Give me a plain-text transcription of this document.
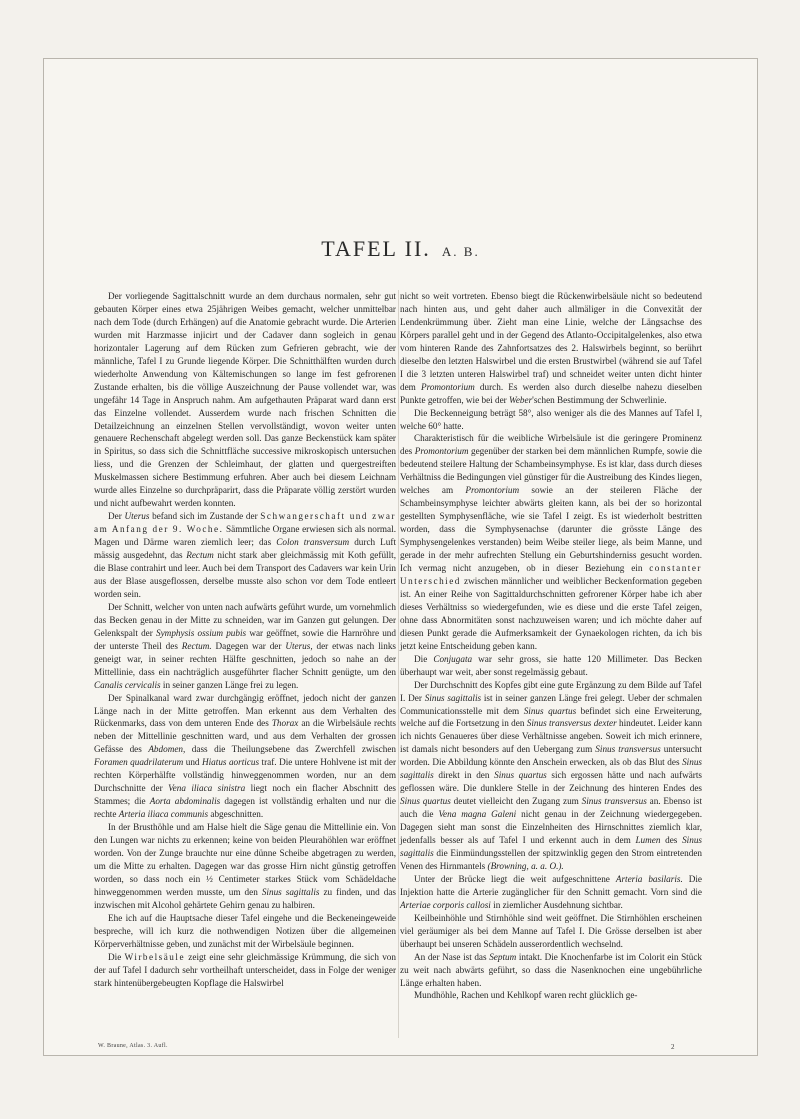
TAFEL II. A. B.

Der vorliegende Sagittalschnitt wurde an dem durchaus normalen, sehr gut gebauten Körper eines etwa 25jährigen Weibes gemacht, welcher unmittelbar nach dem Tode (durch Erhängen) auf die Anatomie gebracht wurde. Die Arterien wurden mit Harzmasse injicirt und der Cadaver dann sogleich in genau horizontaler Lagerung auf dem Rücken zum Gefrieren gebracht, wie der männliche, Tafel I zu Grunde liegende Körper. Die Schnitthälften wurden durch wiederholte Anwendung von Kältemischungen so lange im fest gefrorenen Zustande erhalten, bis die völlige Auszeichnung der Pause vollendet war, was ungefähr 14 Tage in Anspruch nahm. Am aufgethauten Präparat ward dann erst das Einzelne vollendet. Ausserdem wurde nach frischen Schnitten die Detailzeichnung an einzelnen Stellen vervollständigt, wovon weiter unten genauere Rechenschaft abgelegt werden soll. Das ganze Beckenstück kam später in Spiritus, so dass sich die Schnittfläche successive mikroskopisch untersuchen liess, und die Grenzen der Schleimhaut, der glatten und quergestreiften Muskelmassen sichere Bestimmung erfuhren. Aber auch bei diesem Leichnam wurde alles Einzelne so durchpräparirt, dass die Präparate völlig zerstört wurden und nicht aufbewahrt werden konnten.

Der Uterus befand sich im Zustande der Schwangerschaft und zwar am Anfang der 9. Woche. Sämmtliche Organe erwiesen sich als normal. Magen und Därme waren ziemlich leer; das Colon transversum durch Luft mässig ausgedehnt, das Rectum nicht stark aber gleichmässig mit Koth gefüllt, die Blase contrahirt und leer. Auch bei dem Transport des Cadavers war kein Urin aus der Blase ausgeflossen, derselbe musste also schon vor dem Tode entleert worden sein.

Der Schnitt, welcher von unten nach aufwärts geführt wurde, um vornehmlich das Becken genau in der Mitte zu schneiden, war im Ganzen gut gelungen. Der Gelenkspalt der Symphysis ossium pubis war geöffnet, sowie die Harnröhre und der unterste Theil des Rectum. Dagegen war der Uterus, der etwas nach links geneigt war, in seiner rechten Hälfte geschnitten, jedoch so nahe an der Mittellinie, dass ein nachträglich ausgeführter flacher Schnitt genügte, um den Canalis cervicalis in seiner ganzen Länge frei zu legen.

Der Spinalkanal ward zwar durchgängig eröffnet, jedoch nicht der ganzen Länge nach in der Mitte getroffen. Man erkennt aus dem Verhalten des Rückenmarks, dass von dem unteren Ende des Thorax an die Wirbelsäule rechts neben der Mittellinie geschnitten ward, und aus dem Verhalten der grossen Gefässe des Abdomen, dass die Theilungsebene das Zwerchfell zwischen Foramen quadrilaterum und Hiatus aorticus traf. Die untere Hohlvene ist mit der rechten Körperhälfte vollständig hinweggenommen worden, nur an dem Durchschnitte der Vena iliaca sinistra liegt noch ein flacher Abschnitt des Stammes; die Aorta abdominalis dagegen ist vollständig erhalten und nur die rechte Arteria iliaca communis abgeschnitten.

In der Brusthöhle und am Halse hielt die Säge genau die Mittellinie ein. Von den Lungen war nichts zu erkennen; keine von beiden Pleurahöhlen war eröffnet worden. Von der Zunge brauchte nur eine dünne Scheibe abgetragen zu werden, um die Mitte zu erhalten. Dagegen war das grosse Hirn nicht günstig getroffen worden, so dass noch ein ½ Centimeter starkes Stück vom Schädeldache hinweggenommen werden musste, um den Sinus sagittalis zu finden, und das inzwischen mit Alcohol gehärtete Gehirn genau zu halbiren.

Ehe ich auf die Hauptsache dieser Tafel eingehe und die Beckeneingeweide bespreche, will ich kurz die nothwendigen Notizen über die allgemeinen Körperverhältnisse geben, und zunächst mit der Wirbelsäule beginnen.

Die Wirbelsäule zeigt eine sehr gleichmässige Krümmung, die sich von der auf Tafel I dadurch sehr vortheilhaft unterscheidet, dass in Folge der weniger stark hintenübergebeugten Kopflage die Halswirbel

nicht so weit vortreten. Ebenso biegt die Rückenwirbelsäule nicht so bedeutend nach hinten aus, und geht daher auch allmäliger in die Convexität der Lendenkrümmung über. Zieht man eine Linie, welche der Längsachse des Körpers parallel geht und in der Gegend des Atlanto-Occipitalgelenkes, also etwa vom hinteren Rande des Zahnfortsatzes des 2. Halswirbels beginnt, so berührt dieselbe den letzten Halswirbel und die ersten Brustwirbel (während sie auf Tafel I die 3 letzten unteren Halswirbel traf) und schneidet weiter unten dicht hinter dem Promontorium durch. Es werden also durch dieselbe nahezu dieselben Punkte getroffen, wie bei der Weber'schen Bestimmung der Schwerlinie.

Die Beckenneigung beträgt 58°, also weniger als die des Mannes auf Tafel I, welche 60° hatte.

Charakteristisch für die weibliche Wirbelsäule ist die geringere Prominenz des Promontorium gegenüber der starken bei dem männlichen Rumpfe, sowie die bedeutend steilere Haltung der Schambeinsymphyse. Es ist klar, dass durch dieses Verhältniss die Bedingungen viel günstiger für die Austreibung des Kindes liegen, welches am Promontorium sowie an der steileren Fläche der Schambeinsymphyse leichter abwärts gleiten kann, als bei der so horizontal gestellten Symphysenfläche, wie sie Tafel I zeigt. Es ist wiederholt bestritten worden, dass die Symphysenachse (darunter die grösste Länge des Symphysengelenkes verstanden) beim Weibe steiler liege, als beim Manne, und gerade in der mehr aufrechten Stellung ein Geburtshinderniss gesucht worden. Ich vermag nicht anzugeben, ob in dieser Beziehung ein constanter Unterschied zwischen männlicher und weiblicher Beckenformation gegeben ist. An einer Reihe von Sagittaldurchschnitten gefrorener Körper habe ich aber dieses Verhältniss so wiedergefunden, wie es diese und die erste Tafel zeigen, ohne dass Abnormitäten sonst nachzuweisen waren; und ich möchte daher auf diesen Punkt gerade die Aufmerksamkeit der Gynaekologen richten, da ich bis jetzt keine Entscheidung geben kann.

Die Conjugata war sehr gross, sie hatte 120 Millimeter. Das Becken überhaupt war weit, aber sonst regelmässig gebaut.

Der Durchschnitt des Kopfes gibt eine gute Ergänzung zu dem Bilde auf Tafel I. Der Sinus sagittalis ist in seiner ganzen Länge frei gelegt. Ueber der schmalen Communicationsstelle mit dem Sinus quartus befindet sich eine Erweiterung, welche auf die Fortsetzung in den Sinus transversus dexter hindeutet. Leider kann ich nichts Genaueres über diese Verhältnisse angeben. Soweit ich mich erinnere, ist damals nicht besonders auf den Uebergang zum Sinus transversus untersucht worden. Die Abbildung könnte den Anschein erwecken, als ob das Blut des Sinus sagittalis direkt in den Sinus quartus sich ergossen hätte und nach aufwärts geflossen wäre. Die dunklere Stelle in der Zeichnung des hinteren Endes des Sinus quartus deutet vielleicht den Zugang zum Sinus transversus an. Ebenso ist auch die Vena magna Galeni nicht genau in der Zeichnung wiedergegeben. Dagegen sieht man sonst die Einzelnheiten des Hirnschnittes ziemlich klar, jedenfalls besser als auf Tafel I und erkennt auch in dem Lumen des Sinus sagittalis die Einmündungsstellen der spitzwinklig gegen den Strom eintretenden Venen des Hirnmantels (Browning, a. a. O.).

Unter der Brücke liegt die weit aufgeschnittene Arteria basilaris. Die Injektion hatte die Arterie zugänglicher für den Schnitt gemacht. Vorn sind die Arteriae corporis callosi in ziemlicher Ausdehnung sichtbar.

Keilbeinhöhle und Stirnhöhle sind weit geöffnet. Die Stirnhöhlen erscheinen viel geräumiger als bei dem Manne auf Tafel I. Die Grösse derselben ist aber überhaupt bei unseren Schädeln ausserordentlich wechselnd.

An der Nase ist das Septum intakt. Die Knochenfarbe ist im Colorit ein Stück zu weit nach abwärts geführt, so dass die Nasenknochen eine ungebührliche Länge erhalten haben.

Mundhöhle, Rachen und Kehlkopf waren recht glücklich ge-

W. Braune, Atlas. 3. Aufl.	2
